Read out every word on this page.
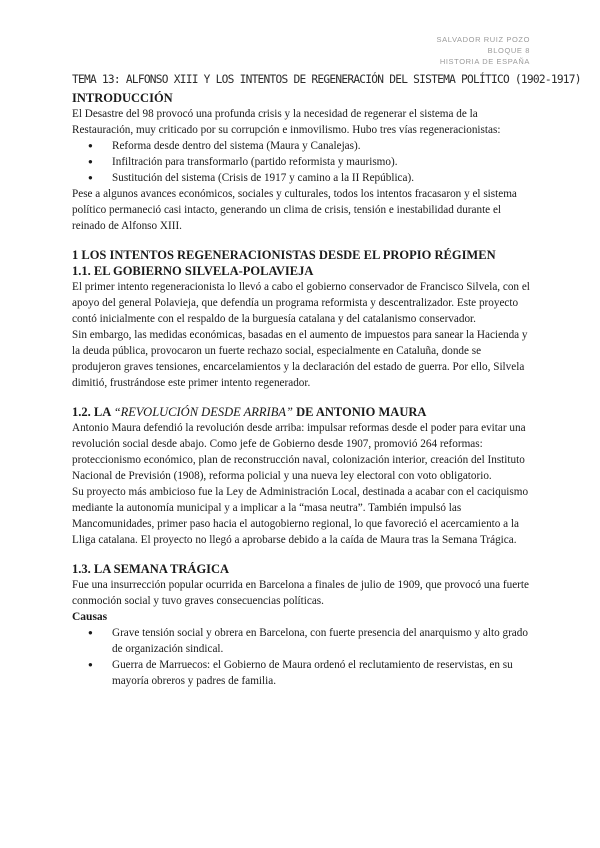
SALVADOR RUIZ POZO
BLOQUE 8
HISTORIA DE ESPAÑA
TEMA 13: ALFONSO XIII Y LOS INTENTOS DE REGENERACIÓN DEL SISTEMA POLÍTICO (1902-1917)
INTRODUCCIÓN

El Desastre del 98 provocó una profunda crisis y la necesidad de regenerar el sistema de la Restauración, muy criticado por su corrupción e inmovilismo. Hubo tres vías regeneracionistas:

● Reforma desde dentro del sistema (Maura y Canalejas).
● Infiltración para transformarlo (partido reformista y maurismo).
● Sustitución del sistema (Crisis de 1917 y camino a la II República).

Pese a algunos avances económicos, sociales y culturales, todos los intentos fracasaron y el sistema político permaneció casi intacto, generando un clima de crisis, tensión e inestabilidad durante el reinado de Alfonso XIII.

1 LOS INTENTOS REGENERACIONISTAS DESDE EL PROPIO RÉGIMEN
1.1. EL GOBIERNO SILVELA-POLAVIEJA

El primer intento regeneracionista lo llevó a cabo el gobierno conservador de Francisco Silvela, con el apoyo del general Polavieja, que defendía un programa reformista y descentralizador. Este proyecto contó inicialmente con el respaldo de la burguesía catalana y del catalanismo conservador.

Sin embargo, las medidas económicas, basadas en el aumento de impuestos para sanear la Hacienda y la deuda pública, provocaron un fuerte rechazo social, especialmente en Cataluña, donde se produjeron graves tensiones, encarcelamientos y la declaración del estado de guerra. Por ello, Silvela dimitió, frustrándose este primer intento regenerador.

1.2. LA “REVOLUCIÓN DESDE ARRIBA” DE ANTONIO MAURA

Antonio Maura defendió la revolución desde arriba: impulsar reformas desde el poder para evitar una revolución social desde abajo. Como jefe de Gobierno desde 1907, promovió 264 reformas: proteccionismo económico, plan de reconstrucción naval, colonización interior, creación del Instituto Nacional de Previsión (1908), reforma policial y una nueva ley electoral con voto obligatorio.

Su proyecto más ambicioso fue la Ley de Administración Local, destinada a acabar con el caciquismo mediante la autonomía municipal y a implicar a la “masa neutra”. También impulsó las Mancomunidades, primer paso hacia el autogobierno regional, lo que favoreció el acercamiento a la Lliga catalana. El proyecto no llegó a aprobarse debido a la caída de Maura tras la Semana Trágica.

1.3. LA SEMANA TRÁGICA

Fue una insurrección popular ocurrida en Barcelona a finales de julio de 1909, que provocó una fuerte conmoción social y tuvo graves consecuencias políticas.

Causas
● Grave tensión social y obrera en Barcelona, con fuerte presencia del anarquismo y alto grado de organización sindical.
● Guerra de Marruecos: el Gobierno de Maura ordenó el reclutamiento de reservistas, en su mayoría obreros y padres de familia.
